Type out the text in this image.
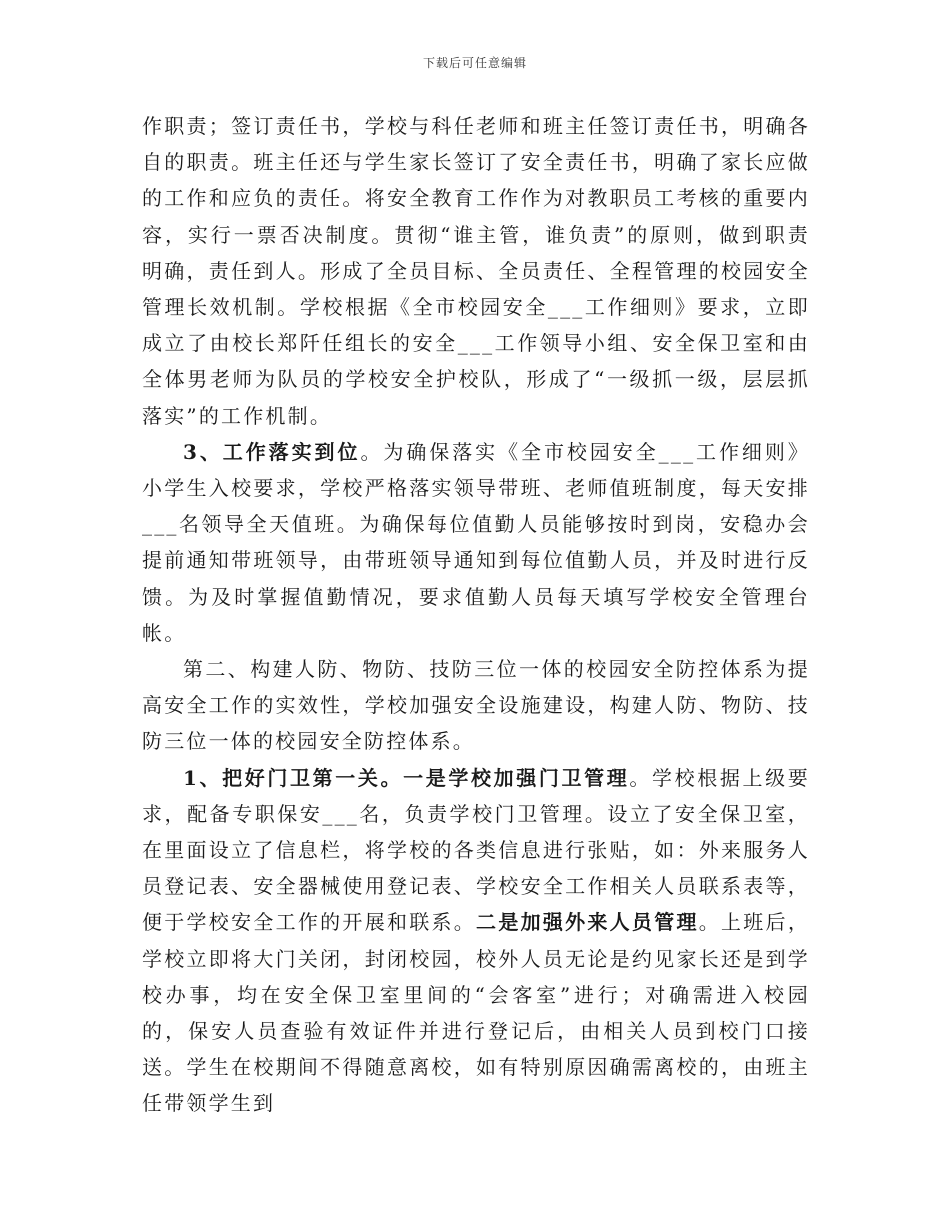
下载后可任意编辑

作职责；签订责任书，学校与科任老师和班主任签订责任书，明确各自的职责。班主任还与学生家长签订了安全责任书，明确了家长应做的工作和应负的责任。将安全教育工作作为对教职员工考核的重要内容，实行一票否决制度。贯彻“谁主管，谁负责”的原则，做到职责明确，责任到人。形成了全员目标、全员责任、全程管理的校园安全管理长效机制。学校根据《全市校园安全___工作细则》要求，立即成立了由校长郑阡任组长的安全___工作领导小组、安全保卫室和由全体男老师为队员的学校安全护校队，形成了“一级抓一级，层层抓落实”的工作机制。

3、工作落实到位。为确保落实《全市校园安全___工作细则》小学生入校要求，学校严格落实领导带班、老师值班制度，每天安排___名领导全天值班。为确保每位值勤人员能够按时到岗，安稳办会提前通知带班领导，由带班领导通知到每位值勤人员，并及时进行反馈。为及时掌握值勤情况，要求值勤人员每天填写学校安全管理台帐。

第二、构建人防、物防、技防三位一体的校园安全防控体系为提高安全工作的实效性，学校加强安全设施建设，构建人防、物防、技防三位一体的校园安全防控体系。

1、把好门卫第一关。一是学校加强门卫管理。学校根据上级要求，配备专职保安___名，负责学校门卫管理。设立了安全保卫室，在里面设立了信息栏，将学校的各类信息进行张贴，如：外来服务人员登记表、安全器械使用登记表、学校安全工作相关人员联系表等，便于学校安全工作的开展和联系。二是加强外来人员管理。上班后，学校立即将大门关闭，封闭校园，校外人员无论是约见家长还是到学校办事，均在安全保卫室里间的“会客室”进行；对确需进入校园的，保安人员查验有效证件并进行登记后，由相关人员到校门口接送。学生在校期间不得随意离校，如有特别原因确需离校的，由班主任带领学生到
